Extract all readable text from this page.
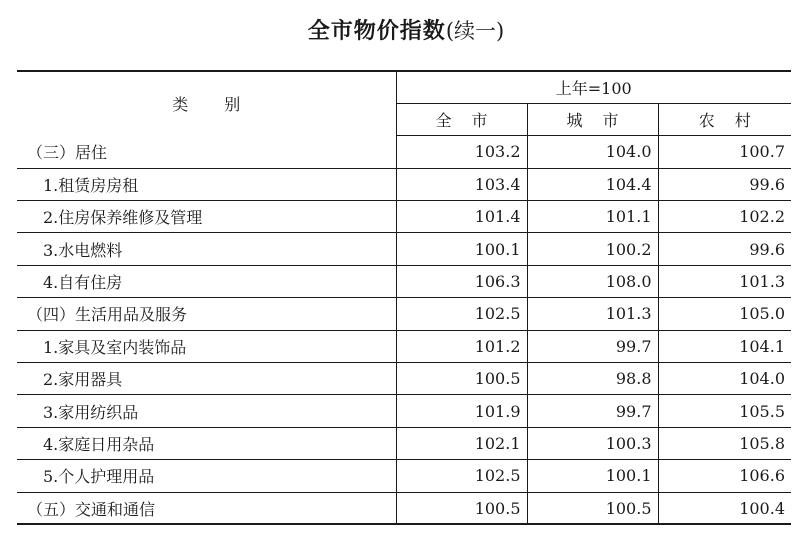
全市物价指数(续一)
类别	上年=100		
	全市	城市	农村
（三）居住	103.2	104.0	100.7
1.租赁房房租	103.4	104.4	99.6
2.住房保养维修及管理	101.4	101.1	102.2
3.水电燃料	100.1	100.2	99.6
4.自有住房	106.3	108.0	101.3
（四）生活用品及服务	102.5	101.3	105.0
1.家具及室内装饰品	101.2	99.7	104.1
2.家用器具	100.5	98.8	104.0
3.家用纺织品	101.9	99.7	105.5
4.家庭日用杂品	102.1	100.3	105.8
5.个人护理用品	102.5	100.1	106.6
（五）交通和通信	100.5	100.5	100.4
